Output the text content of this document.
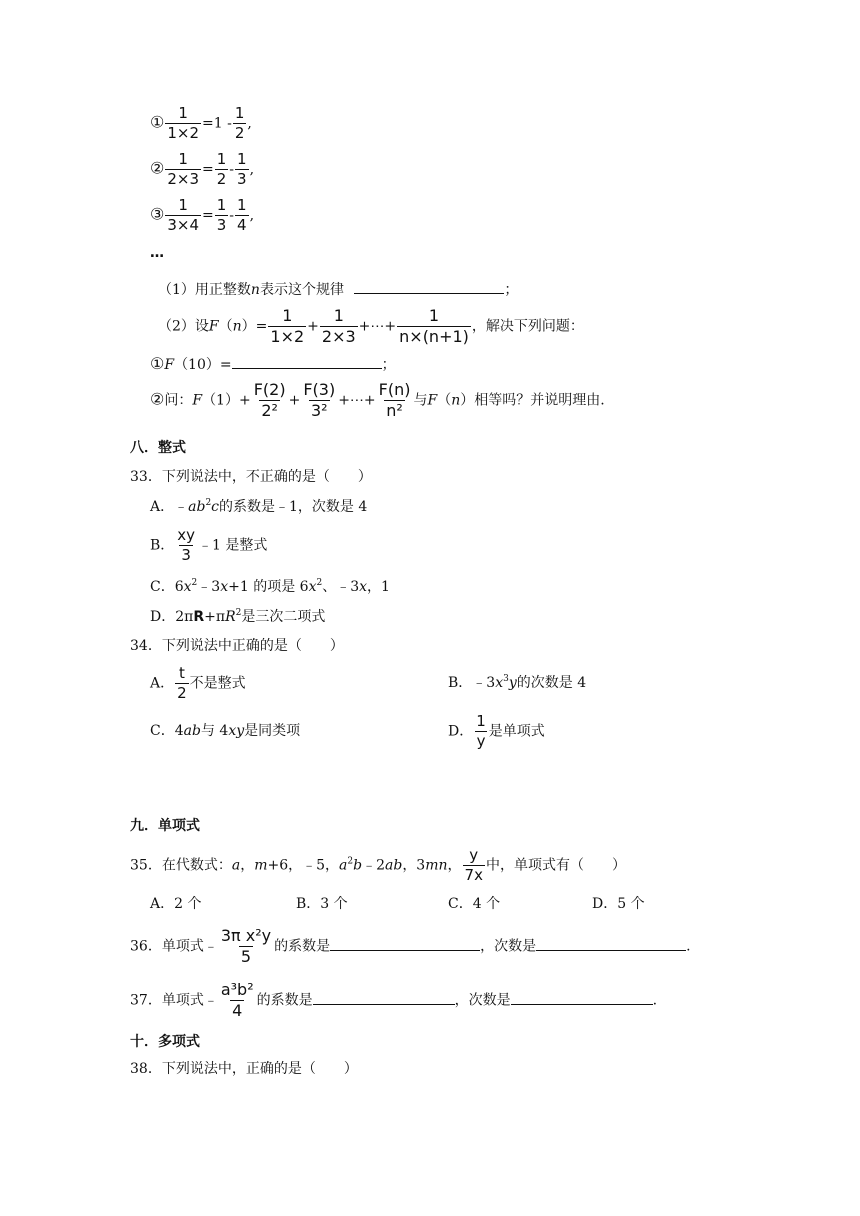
① $\frac{1}{1\times 2} =1 - \frac{1}{2}$ ,
② $\frac{1}{2\times 3} = \frac{1}{2} - \frac{1}{3}$ ,
③ $\frac{1}{3\times 4} = \frac{1}{3} - \frac{1}{4}$ ,
…
（1）用正整数n表示这个规律	；
（2）设$F(n)= \frac{1}{1\times 2} + \frac{1}{2\times 3}$ +⋯+ $\frac{1}{n\times(n+1)}$ ，解决下列问题：
①F（10）=	；
②问：$F(1)+ \frac{F(2)}{\text{2²}} + \frac{F(3)}{\text{3²}}$ +⋯+ $\frac{F(n)}{\text{n²}}$ 与F（n）相等吗？并说明理由.
八．整式
33．下列说法中，不正确的是（　　）
A．$﹣ab^2c$的系数是﹣1，次数是 4
B． $\frac{xy}{3}$ ﹣1 是整式
C．$6x^2﹣3x+1$ 的项是 $6x^2$、﹣3x，1
D．$2\pi R+\pi R^2$是三次二项式
34．下列说法中正确的是（　　）
A． $\frac{t}{2}$ 不是整式	B．$﹣3x^3y$的次数是 4
C．4ab与 4xy是同类项	D． $\frac{1}{y}$ 是单项式
九．单项式
35．在代数式：a，m+6，﹣5，$a^2b﹣2ab$，3mn， $\frac{y}{7x}$ 中，单项式有（　　）
A．2 个	B．3 个	C．4 个	D．5 个
36．单项式﹣ $\frac{\text{3π x²y}}{5}$ 的系数是	，次数是	.
37．单项式﹣ $\frac{\text{a³b²}}{4}$ 的系数是	，次数是	.
十．多项式
38．下列说法中，正确的是（　　）
